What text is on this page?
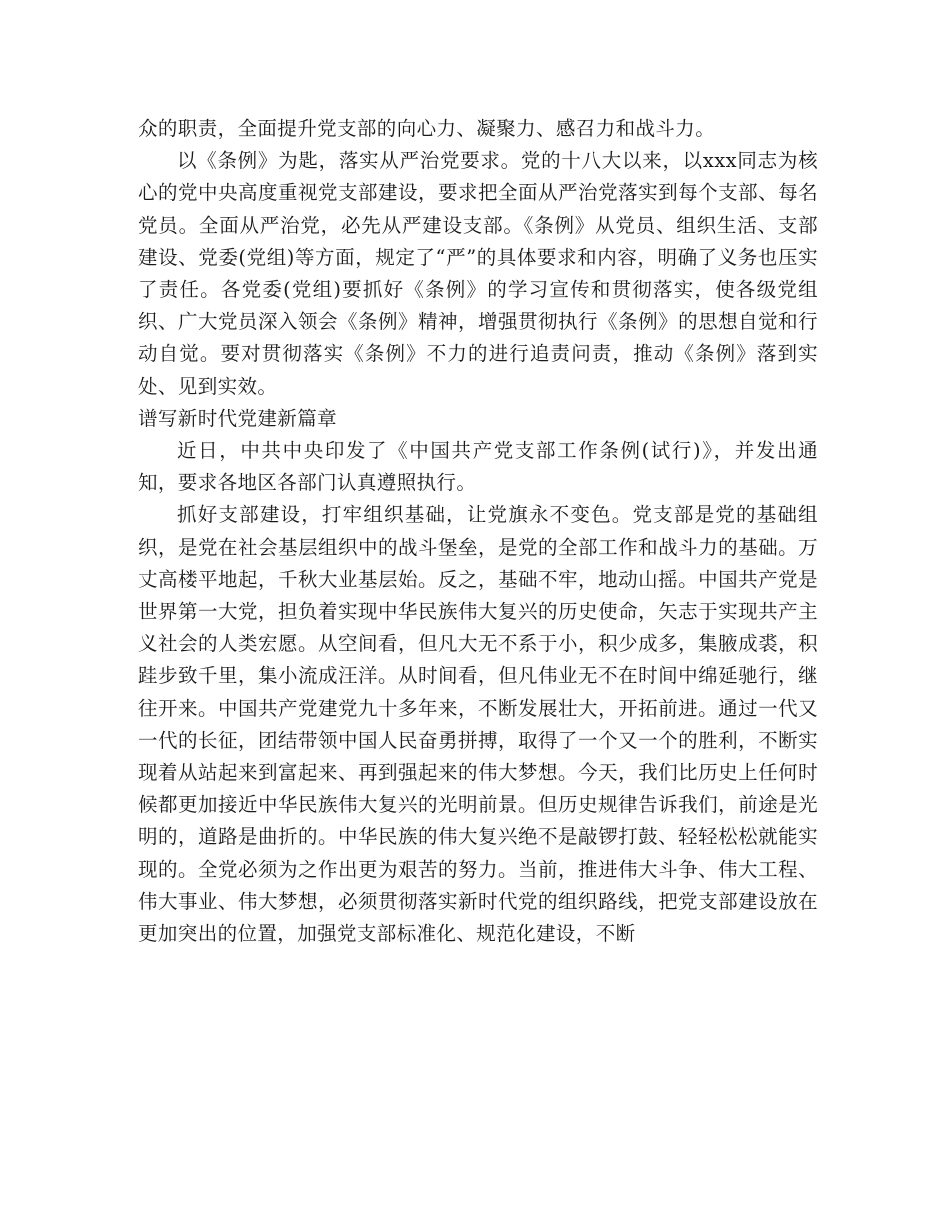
众的职责，全面提升党支部的向心力、凝聚力、感召力和战斗力。

以《条例》为匙，落实从严治党要求。党的十八大以来，以xxx同志为核心的党中央高度重视党支部建设，要求把全面从严治党落实到每个支部、每名党员。全面从严治党，必先从严建设支部。《条例》从党员、组织生活、支部建设、党委(党组)等方面，规定了“严”的具体要求和内容，明确了义务也压实了责任。各党委(党组)要抓好《条例》的学习宣传和贯彻落实，使各级党组织、广大党员深入领会《条例》精神，增强贯彻执行《条例》的思想自觉和行动自觉。要对贯彻落实《条例》不力的进行追责问责，推动《条例》落到实处、见到实效。

谱写新时代党建新篇章

近日，中共中央印发了《中国共产党支部工作条例(试行)》，并发出通知，要求各地区各部门认真遵照执行。

抓好支部建设，打牢组织基础，让党旗永不变色。党支部是党的基础组织，是党在社会基层组织中的战斗堡垒，是党的全部工作和战斗力的基础。万丈高楼平地起，千秋大业基层始。反之，基础不牢，地动山摇。中国共产党是世界第一大党，担负着实现中华民族伟大复兴的历史使命，矢志于实现共产主义社会的人类宏愿。从空间看，但凡大无不系于小，积少成多，集腋成裘，积跬步致千里，集小流成汪洋。从时间看，但凡伟业无不在时间中绵延驰行，继往开来。中国共产党建党九十多年来，不断发展壮大，开拓前进。通过一代又一代的长征，团结带领中国人民奋勇拼搏，取得了一个又一个的胜利，不断实现着从站起来到富起来、再到强起来的伟大梦想。今天，我们比历史上任何时候都更加接近中华民族伟大复兴的光明前景。但历史规律告诉我们，前途是光明的，道路是曲折的。中华民族的伟大复兴绝不是敲锣打鼓、轻轻松松就能实现的。全党必须为之作出更为艰苦的努力。当前，推进伟大斗争、伟大工程、伟大事业、伟大梦想，必须贯彻落实新时代党的组织路线，把党支部建设放在更加突出的位置，加强党支部标准化、规范化建设，不断
